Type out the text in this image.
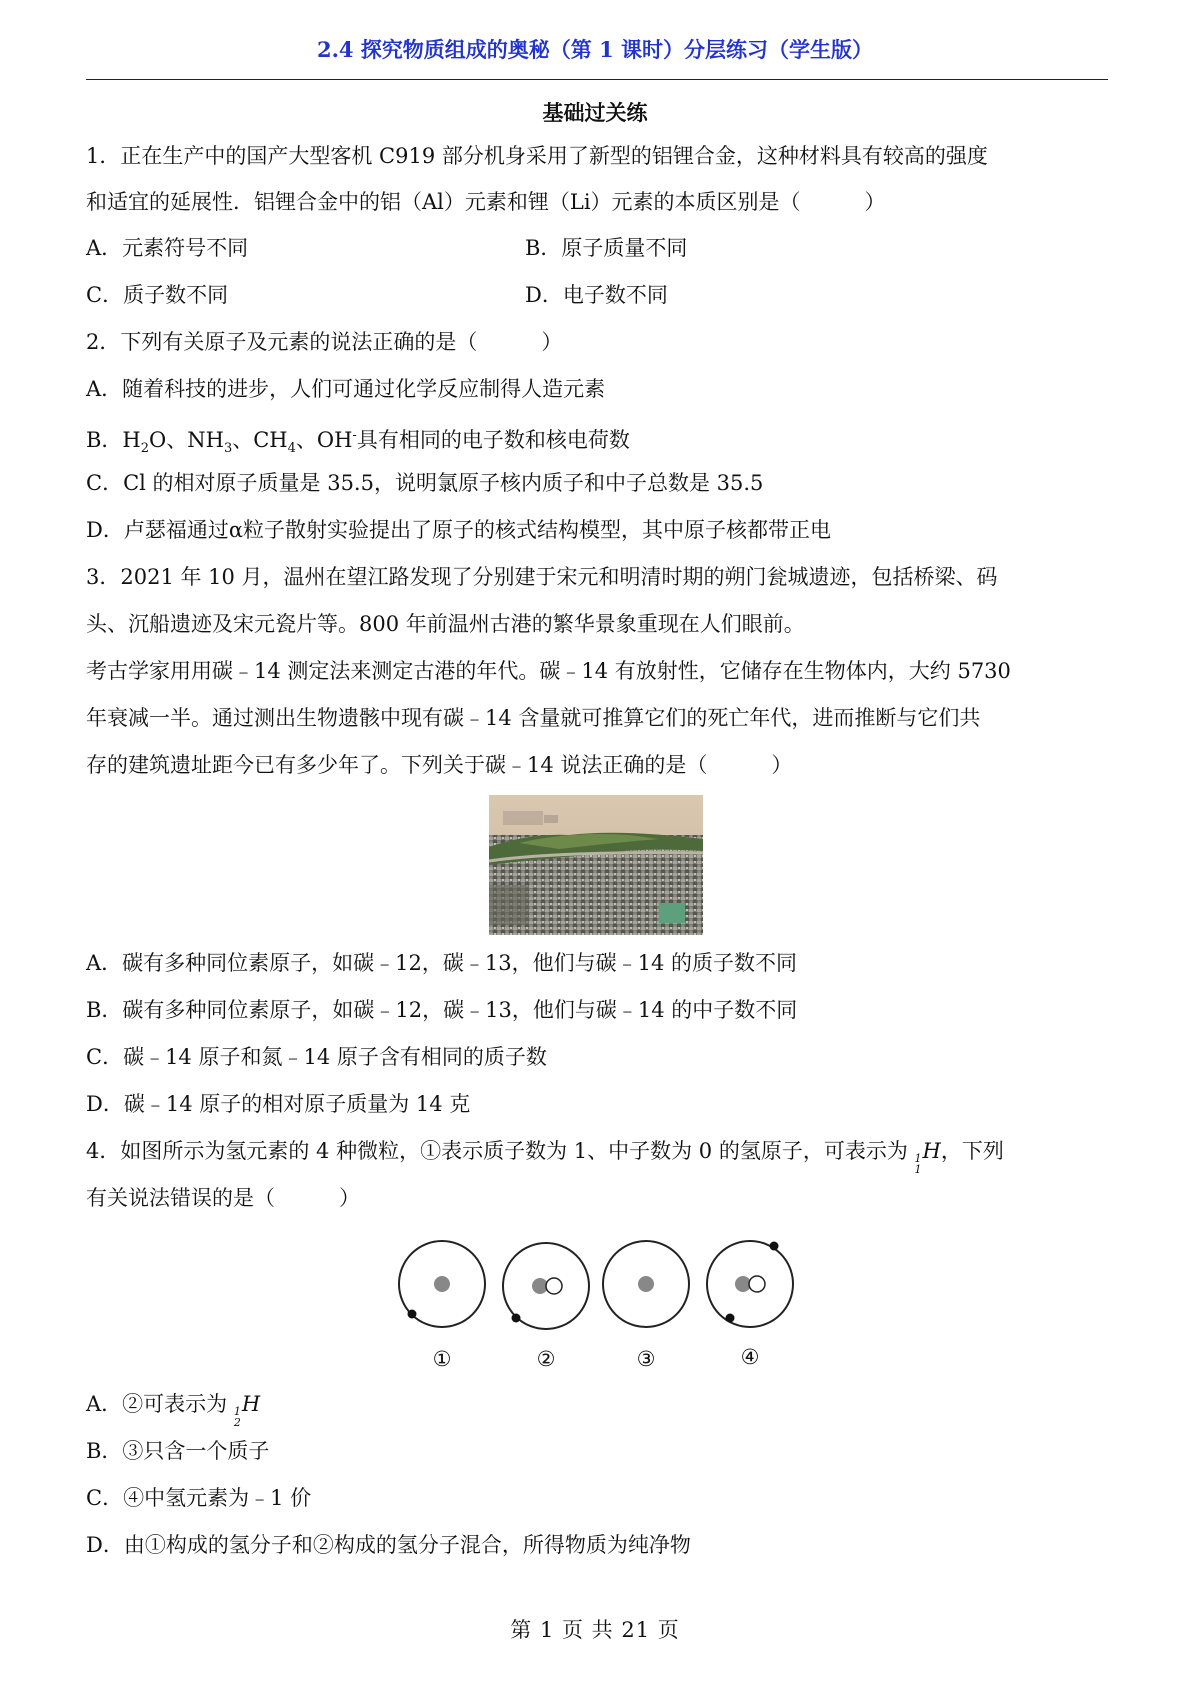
2.4 探究物质组成的奥秘（第 1 课时）分层练习（学生版）
基础过关练
1．正在生产中的国产大型客机 C919 部分机身采用了新型的铝锂合金，这种材料具有较高的强度
和适宜的延展性．铝锂合金中的铝（Al）元素和锂（Li）元素的本质区别是（	）
A．元素符号不同	B．原子质量不同
C．质子数不同	D．电子数不同
2．下列有关原子及元素的说法正确的是（	）
A．随着科技的进步，人们可通过化学反应制得人造元素
B．$H_2O$、$NH_3$、$CH_4$、OH-具有相同的电子数和核电荷数
C．Cl 的相对原子质量是 35.5，说明氯原子核内质子和中子总数是 35.5
D．卢瑟福通过α粒子散射实验提出了原子的核式结构模型，其中原子核都带正电
3．2021 年 10 月，温州在望江路发现了分别建于宋元和明清时期的朔门瓮城遗迹，包括桥梁、码
头、沉船遗迹及宋元瓷片等。800 年前温州古港的繁华景象重现在人们眼前。
考古学家用用碳﹣14 测定法来测定古港的年代。碳﹣14 有放射性，它储存在生物体内，大约 5730
年衰减一半。通过测出生物遗骸中现有碳﹣14 含量就可推算它们的死亡年代，进而推断与它们共
存的建筑遗址距今已有多少年了。下列关于碳﹣14 说法正确的是（	）
A．碳有多种同位素原子，如碳﹣12，碳﹣13，他们与碳﹣14 的质子数不同
B．碳有多种同位素原子，如碳﹣12，碳﹣13，他们与碳﹣14 的中子数不同
C．碳﹣14 原子和氮﹣14 原子含有相同的质子数
D．碳﹣14 原子的相对原子质量为 14 克
4．如图所示为氢元素的 4 种微粒，①表示质子数为 1、中子数为 0 的氢原子，可表示为 1
1
H，下列
有关说法错误的是（	）
①	②	③	④
A．②可表示为 1
2
H
B．③只含一个质子
C．④中氢元素为﹣1 价
D．由①构成的氢分子和②构成的氢分子混合，所得物质为纯净物
第 1 页 共 21 页
